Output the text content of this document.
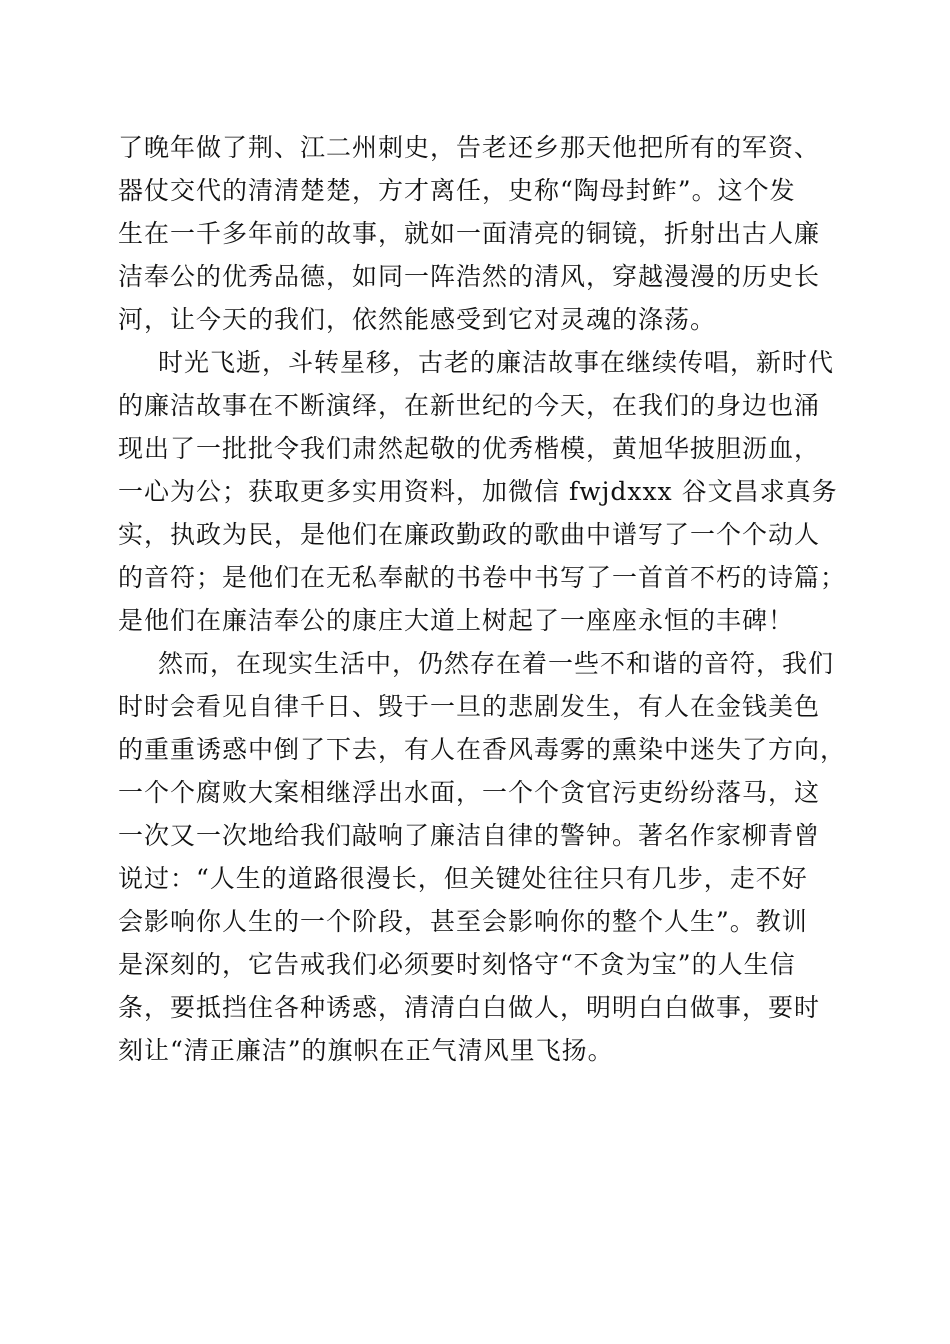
了晚年做了荆、江二州刺史，告老还乡那天他把所有的军资、
器仗交代的清清楚楚，方才离任，史称“陶母封鲊”。这个发
生在一千多年前的故事，就如一面清亮的铜镜，折射出古人廉
洁奉公的优秀品德，如同一阵浩然的清风，穿越漫漫的历史长
河，让今天的我们，依然能感受到它对灵魂的涤荡。
时光飞逝，斗转星移，古老的廉洁故事在继续传唱，新时代
的廉洁故事在不断演绎，在新世纪的今天，在我们的身边也涌
现出了一批批令我们肃然起敬的优秀楷模，黄旭华披胆沥血，
一心为公；获取更多实用资料，加微信 fwjdxxx 谷文昌求真务
实，执政为民，是他们在廉政勤政的歌曲中谱写了一个个动人
的音符；是他们在无私奉献的书卷中书写了一首首不朽的诗篇；
是他们在廉洁奉公的康庄大道上树起了一座座永恒的丰碑！
然而，在现实生活中，仍然存在着一些不和谐的音符，我们
时时会看见自律千日、毁于一旦的悲剧发生，有人在金钱美色
的重重诱惑中倒了下去，有人在香风毒雾的熏染中迷失了方向，
一个个腐败大案相继浮出水面，一个个贪官污吏纷纷落马，这
一次又一次地给我们敲响了廉洁自律的警钟。著名作家柳青曾
说过：“人生的道路很漫长，但关键处往往只有几步，走不好
会影响你人生的一个阶段，甚至会影响你的整个人生”。教训
是深刻的，它告戒我们必须要时刻恪守“不贪为宝”的人生信
条，要抵挡住各种诱惑，清清白白做人，明明白白做事，要时
刻让“清正廉洁”的旗帜在正气清风里飞扬。
